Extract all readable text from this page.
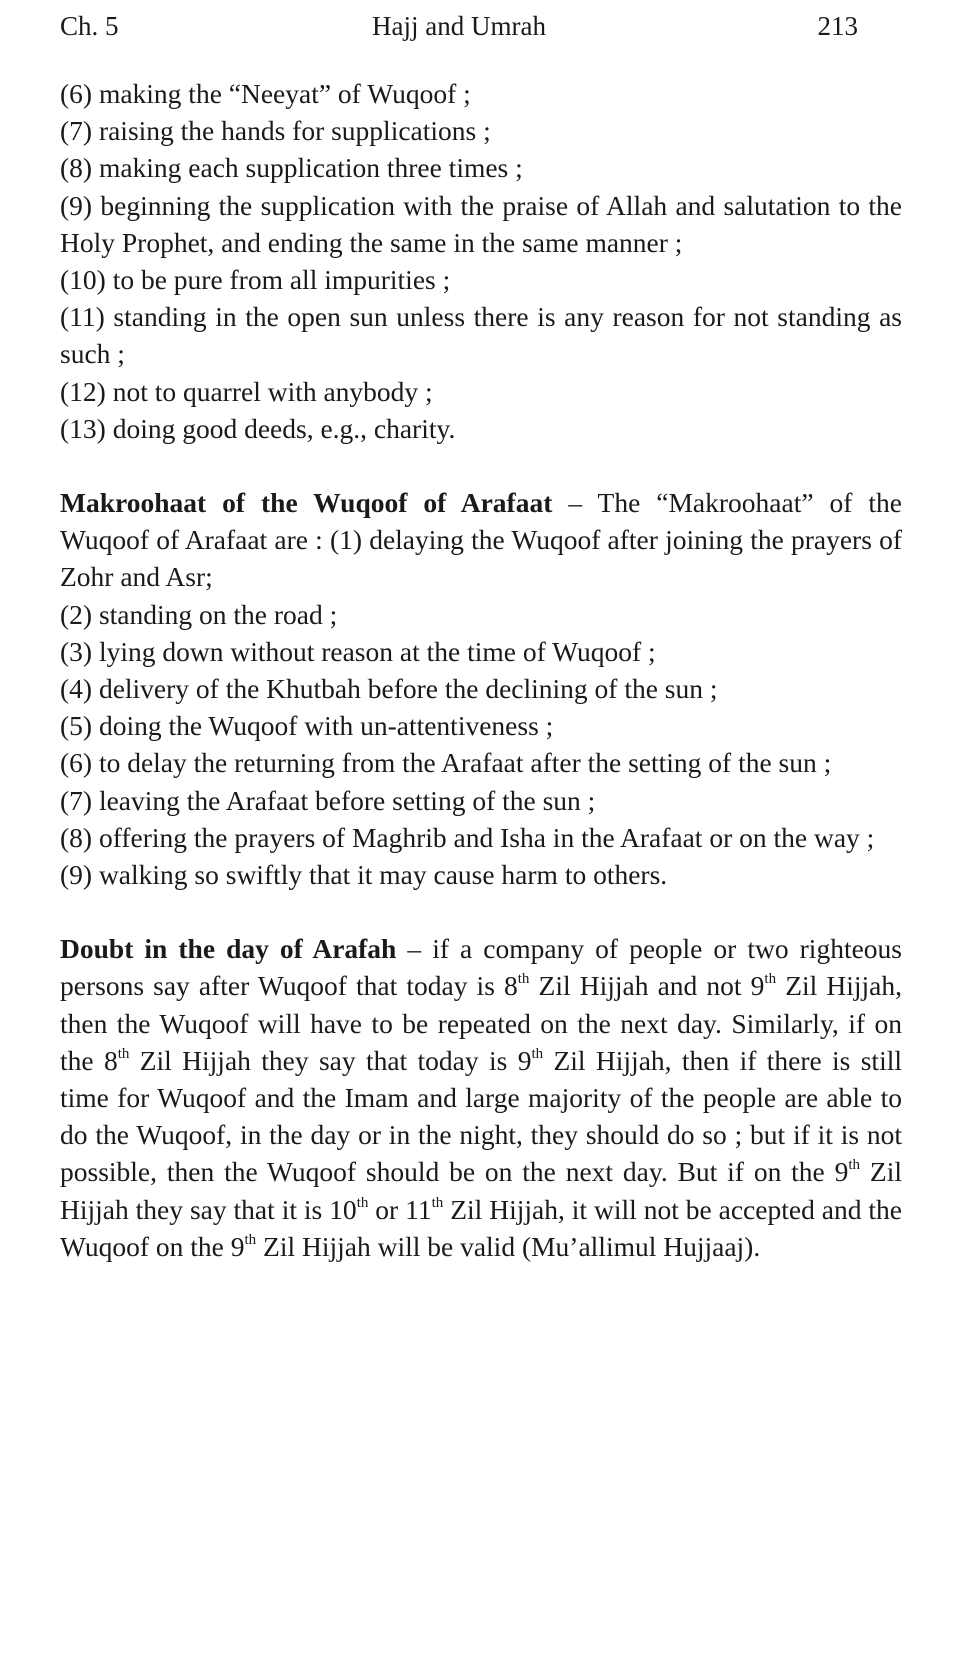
Ch. 5	Hajj and Umrah	213

(6) making the “Neeyat” of Wuqoof ;

(7) raising the hands for supplications ;

(8) making each supplication three times ;

(9) beginning the supplication with the praise of Allah and salutation to the Holy Prophet, and ending the same in the same manner ;

(10) to be pure from all impurities ;

(11) standing in the open sun unless there is any reason for not standing as such ;

(12) not to quarrel with anybody ;

(13) doing good deeds, e.g., charity.

Makroohaat of the Wuqoof of Arafaat – The “Makroohaat” of the Wuqoof of Arafaat are : (1) delaying the Wuqoof after joining the prayers of Zohr and Asr;

(2) standing on the road ;

(3) lying down without reason at the time of Wuqoof ;

(4) delivery of the Khutbah before the declining of the sun ;

(5) doing the Wuqoof with un-attentiveness ;

(6) to delay the returning from the Arafaat after the setting of the sun ;

(7) leaving the Arafaat before setting of the sun ;

(8) offering the prayers of Maghrib and Isha in the Arafaat or on the way ;

(9) walking so swiftly that it may cause harm to others.

Doubt in the day of Arafah – if a company of people or two righteous persons say after Wuqoof that today is 8th Zil Hijjah and not 9th Zil Hijjah, then the Wuqoof will have to be repeated on the next day. Similarly, if on the 8th Zil Hijjah they say that today is 9th Zil Hijjah, then if there is still time for Wuqoof and the Imam and large majority of the people are able to do the Wuqoof, in the day or in the night, they should do so ; but if it is not possible, then the Wuqoof should be on the next day. But if on the 9th Zil Hijjah they say that it is 10th or 11th Zil Hijjah, it will not be accepted and the Wuqoof on the 9th Zil Hijjah will be valid (Mu’allimul Hujjaaj).
